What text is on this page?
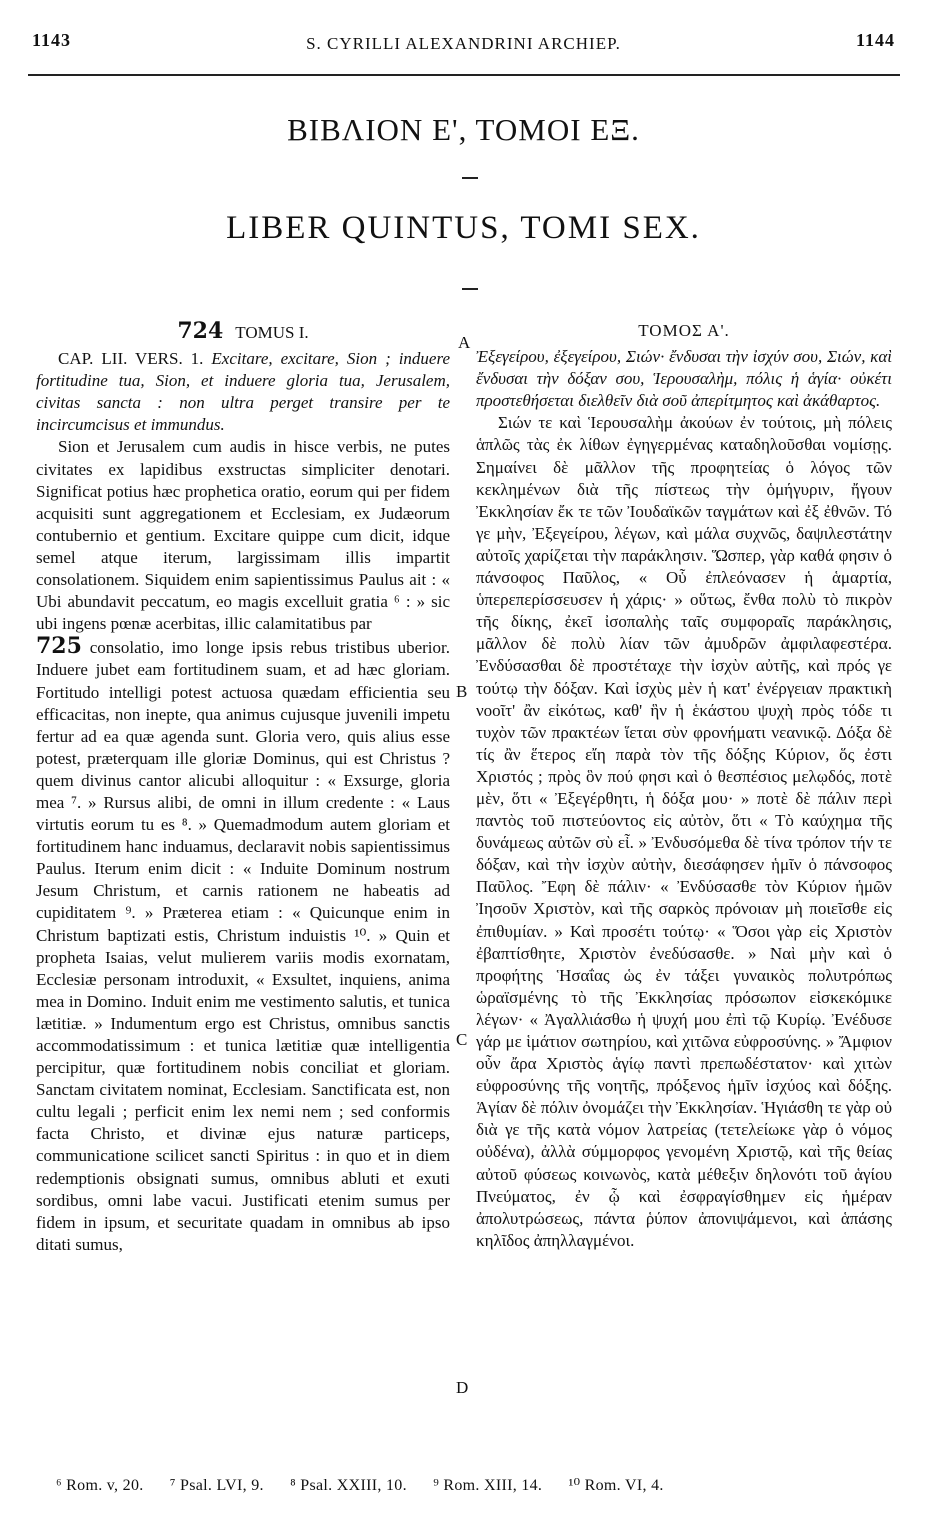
1143	S. CYRILLI ALEXANDRINI ARCHIEP.	1144
ΒΙΒΛΙΟΝ Ε', ΤΟΜΟΙ ΕΞ.
LIBER QUINTUS, TOMI SEX.
724 TOMUS I.

CAP. LII. VERS. 1. Excitare, excitare, Sion ; induere fortitudine tua, Sion, et induere gloria tua, Jerusalem, civitas sancta : non ultra perget transire per te incircumcisus et immundus.

Sion et Jerusalem cum audis in hisce verbis, ne putes civitates ex lapidibus exstructas simpliciter denotari. Significat potius hæc prophetica oratio, eorum qui per fidem acquisiti sunt aggregationem et Ecclesiam, ex Judæorum contubernio et gentium. Excitare quippe cum dicit, idque semel atque iterum, largissimam illis impartit consolationem. Siquidem enim sapientissimus Paulus ait : « Ubi abundavit peccatum, eo magis excelluit gratia ⁶ : » sic ubi ingens pœnæ acerbitas, illic calamitatibus par

725 consolatio, imo longe ipsis rebus tristibus uberior. Induere jubet eam fortitudinem suam, et ad hæc gloriam. Fortitudo intelligi potest actuosa quædam efficientia seu efficacitas, non inepte, qua animus cujusque juvenili impetu fertur ad ea quæ agenda sunt. Gloria vero, quis alius esse potest, præterquam ille gloriæ Dominus, qui est Christus ? quem divinus cantor alicubi alloquitur : « Exsurge, gloria mea ⁷. » Rursus alibi, de omni in illum credente : « Laus virtutis eorum tu es ⁸. » Quemadmodum autem gloriam et fortitudinem hanc induamus, declaravit nobis sapientissimus Paulus. Iterum enim dicit : « Induite Dominum nostrum Jesum Christum, et carnis rationem ne habeatis ad cupiditatem ⁹. » Præterea etiam : « Quicunque enim in Christum baptizati estis, Christum induistis ¹⁰. » Quin et propheta Isaias, velut mulierem variis modis exornatam, Ecclesiæ personam introduxit, « Exsultet, inquiens, anima mea in Domino. Induit enim me vestimento salutis, et tunica lætitiæ. » Indumentum ergo est Christus, omnibus sanctis accommodatissimum : et tunica lætitiæ quæ intelligentia percipitur, quæ fortitudinem nobis conciliat et gloriam. Sanctam civitatem nominat, Ecclesiam. Sanctificata est, non cultu legali ; perficit enim lex nemi nem ; sed conformis facta Christo, et divinæ ejus naturæ particeps, communicatione scilicet sancti Spiritus : in quo et in diem redemptionis obsignati sumus, omnibus abluti et exuti sordibus, omni labe vacui. Justificati etenim sumus per fidem in ipsum, et securitate quadam in omnibus ab ipso ditati sumus,

A
B
C
D
ΤΟΜΟΣ Α'.

Ἐξεγείρου, ἐξεγείρου, Σιών· ἔνδυσαι τὴν ἰσχύν σου, Σιών, καὶ ἔνδυσαι τὴν δόξαν σου, Ἱερουσαλὴμ, πόλις ἡ ἁγία· οὐκέτι προστεθήσεται διελθεῖν διὰ σοῦ ἀπερίτμητος καὶ ἀκάθαρτος.

Σιών τε καὶ Ἱερουσαλὴμ ἀκούων ἐν τούτοις, μὴ πόλεις ἁπλῶς τὰς ἐκ λίθων ἐγηγερμένας καταδηλοῦσθαι νομίσῃς. Σημαίνει δὲ μᾶλλον τῆς προφητείας ὁ λόγος τῶν κεκλημένων διὰ τῆς πίστεως τὴν ὁμήγυριν, ἤγουν Ἐκκλησίαν ἔκ τε τῶν Ἰουδαϊκῶν ταγμάτων καὶ ἐξ ἐθνῶν. Τό γε μὴν, Ἐξεγείρου, λέγων, καὶ μάλα συχνῶς, δαψιλεστάτην αὐτοῖς χαρίζεται τὴν παράκλησιν. Ὥσπερ, γὰρ καθά φησιν ὁ πάνσοφος Παῦλος, « Οὗ ἐπλεόνασεν ἡ ἁμαρτία, ὑπερεπερίσσευσεν ἡ χάρις· » οὕτως, ἔνθα πολὺ τὸ πικρὸν τῆς δίκης, ἐκεῖ ἰσοπαλὴς ταῖς συμφοραῖς παράκλησις, μᾶλλον δὲ πολὺ λίαν τῶν ἀμυδρῶν ἀμφιλαφεστέρα. Ἐνδύσασθαι δὲ προστέταχε τὴν ἰσχὺν αὐτῆς, καὶ πρός γε τούτῳ τὴν δόξαν. Καὶ ἰσχὺς μὲν ἡ κατ' ἐνέργειαν πρακτικὴ νοοῖτ' ἂν εἰκότως, καθ' ἣν ἡ ἑκάστου ψυχὴ πρὸς τόδε τι τυχὸν τῶν πρακτέων ἵεται σὺν φρονήματι νεανικῷ. Δόξα δὲ τίς ἂν ἕτερος εἴη παρὰ τὸν τῆς δόξης Κύριον, ὅς ἐστι Χριστός ; πρὸς ὃν πού φησι καὶ ὁ θεσπέσιος μελῳδός, ποτὲ μὲν, ὅτι « Ἐξεγέρθητι, ἡ δόξα μου· » ποτὲ δὲ πάλιν περὶ παντὸς τοῦ πιστεύοντος εἰς αὐτὸν, ὅτι « Τὸ καύχημα τῆς δυνάμεως αὐτῶν σὺ εἶ. » Ἐνδυσόμεθα δὲ τίνα τρόπον τήν τε δόξαν, καὶ τὴν ἰσχὺν αὐτὴν, διεσάφησεν ἡμῖν ὁ πάνσοφος Παῦλος. Ἔφη δὲ πάλιν· « Ἐνδύσασθε τὸν Κύριον ἡμῶν Ἰησοῦν Χριστὸν, καὶ τῆς σαρκὸς πρόνοιαν μὴ ποιεῖσθε εἰς ἐπιθυμίαν. » Καὶ προσέτι τούτῳ· « Ὅσοι γὰρ εἰς Χριστὸν ἐβαπτίσθητε, Χριστὸν ἐνεδύσασθε. » Ναὶ μὴν καὶ ὁ προφήτης Ἡσαΐας ὡς ἐν τάξει γυναικὸς πολυτρόπως ὡραϊσμένης τὸ τῆς Ἐκκλησίας πρόσωπον εἰσκεκόμικε λέγων· « Ἀγαλλιάσθω ἡ ψυχή μου ἐπὶ τῷ Κυρίῳ. Ἐνέδυσε γάρ με ἱμάτιον σωτηρίου, καὶ χιτῶνα εὐφροσύνης. » Ἄμφιον οὖν ἄρα Χριστὸς ἁγίῳ παντὶ πρεπωδέστατον· καὶ χιτὼν εὐφροσύνης τῆς νοητῆς, πρόξενος ἡμῖν ἰσχύος καὶ δόξης. Ἁγίαν δὲ πόλιν ὀνομάζει τὴν Ἐκκλησίαν. Ἡγιάσθη τε γὰρ οὐ διὰ γε τῆς κατὰ νόμον λατρείας (τετελείωκε γὰρ ὁ νόμος οὐδένα), ἀλλὰ σύμμορφος γενομένη Χριστῷ, καὶ τῆς θείας αὐτοῦ φύσεως κοινωνὸς, κατὰ μέθεξιν δηλονότι τοῦ ἁγίου Πνεύματος, ἐν ᾧ καὶ ἐσφραγίσθημεν εἰς ἡμέραν ἀπολυτρώσεως, πάντα ῥύπον ἀπονιψάμενοι, καὶ ἁπάσης κηλῖδος ἀπηλλαγμένοι.

⁶ Rom. v, 20. ⁷ Psal. LVI, 9. ⁸ Psal. XXIII, 10. ⁹ Rom. XIII, 14. ¹⁰ Rom. VI, 4.
